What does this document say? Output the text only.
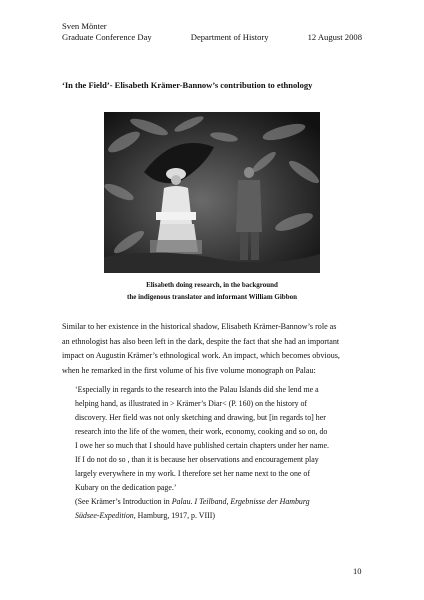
Sven Mönter
Graduate Conference Day	Department of History	12 August 2008
‘In the Field’- Elisabeth Krämer-Bannow’s contribution to ethnology
Elisabeth doing research, in the background
the indigenous translator and informant William Gibbon
Similar to her existence in the historical shadow, Elisabeth Krämer-Bannow’s role as
an ethnologist has also been left in the dark, despite the fact that she had an important
impact on Augustin Krämer’s ethnological work. An impact, which becomes obvious,
when he remarked in the first volume of his five volume monograph on Palau:
‘Especially in regards to the research into the Palau Islands did she lend me a
helping hand, as illustrated in > Krämer’s Diar< (P. 160) on the history of
discovery. Her field was not only sketching and drawing, but [in regards to] her
research into the life of the women, their work, economy, cooking and so on, do
I owe her so much that I should have published certain chapters under her name.
If I do not do so , than it is because her observations and encouragement play
largely everywhere in my work. I therefore set her name next to the one of
Kubary on the dedication page.’
(See Krämer’s Introduction in Palau. I Teilband, Ergebnisse der Hamburg
Südsee-Expedition, Hamburg, 1917, p. VIII)
10
